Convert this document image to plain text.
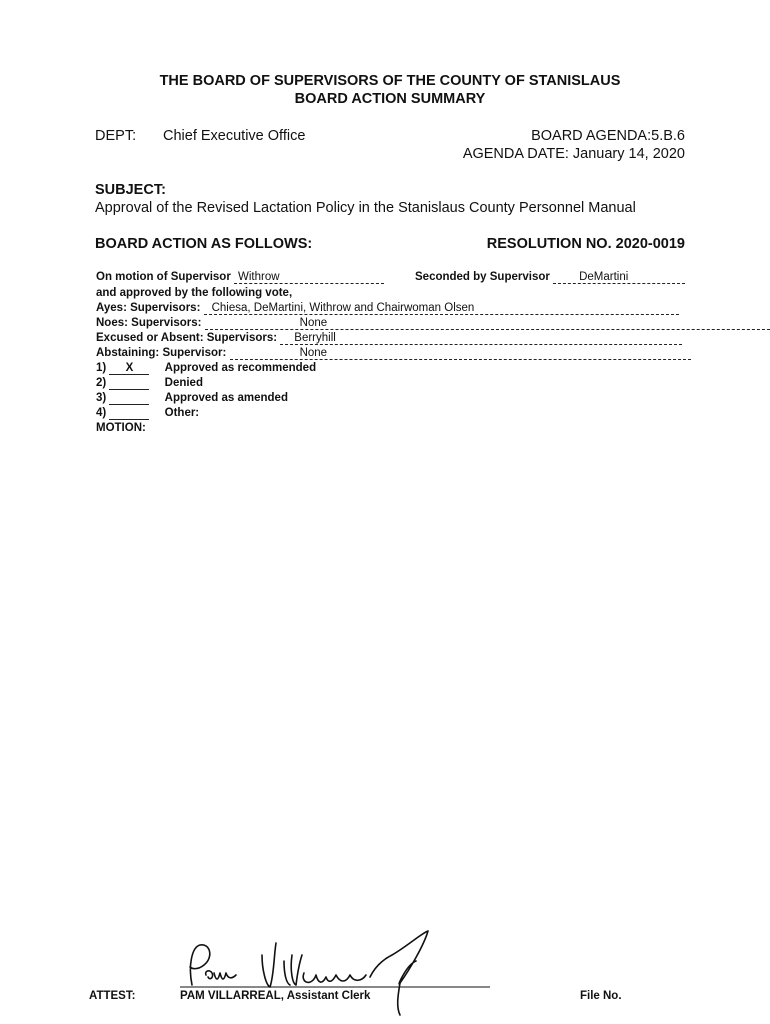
THE BOARD OF SUPERVISORS OF THE COUNTY OF STANISLAUS
BOARD ACTION SUMMARY
DEPT: Chief Executive Office	BOARD AGENDA:5.B.6
AGENDA DATE: January 14, 2020
SUBJECT:
Approval of the Revised Lactation Policy in the Stanislaus County Personnel Manual
BOARD ACTION AS FOLLOWS:	RESOLUTION NO. 2020-0019
On motion of Supervisor Withrow	Seconded by Supervisor	DeMartini
and approved by the following vote,
Ayes: Supervisors: Chiesa, DeMartini, Withrow and Chairwoman Olsen
Noes: Supervisors:	None
Excused or Absent: Supervisors: Berryhill
Abstaining: Supervisor:	None
1) X	Approved as recommended
2)	Denied
3)	Approved as amended
4)	Other:
MOTION:
ATTEST:	PAM VILLARREAL, Assistant Clerk	File No.
